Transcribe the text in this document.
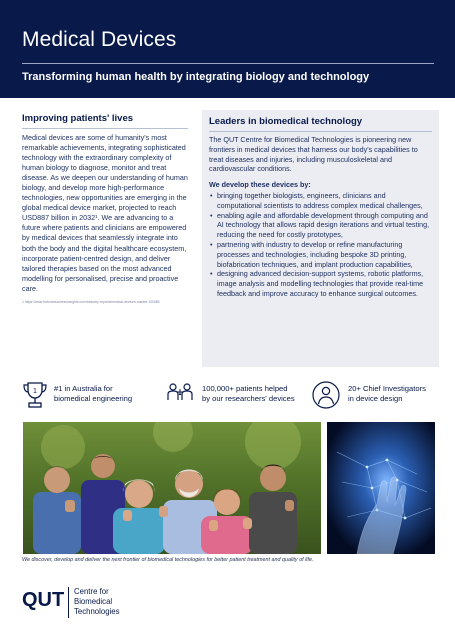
Medical Devices
Transforming human health by integrating biology and technology
Improving patients' lives

Medical devices are some of humanity's most remarkable achievements, integrating sophisticated technology with the extraordinary complexity of human biology to diagnose, monitor and treat disease. As we deepen our understanding of human biology, and develop more high-performance technologies, new opportunities are emerging in the global medical device market, projected to reach USD887 billion in 2032¹. We are advancing to a future where patients and clinicians are empowered by medical devices that seamlessly integrate into both the body and the digital healthcare ecosystem, incorporate patient-centred design, and deliver tailored therapies based on the most advanced modelling for personalised, precise and proactive care.

1 https://www.fortunebusinessinsights.com/industry-reports/medical-devices-market-100085
Leaders in biomedical technology

The QUT Centre for Biomedical Technologies is pioneering new frontiers in medical devices that harness our body's capabilities to treat diseases and injuries, including musculoskeletal and cardiovascular conditions.

We develop these devices by:

• bringing together biologists, engineers, clinicians and computational scientists to address complex medical challenges,
• enabling agile and affordable development through computing and AI technology that allows rapid design iterations and virtual testing, reducing the need for costly prototypes,
• partnering with industry to develop or refine manufacturing processes and technologies, including bespoke 3D printing, biofabrication techniques, and implant production capabilities,
• designing advanced decision-support systems, robotic platforms, image analysis and modelling technologies that provide real-time feedback and improve accuracy to enhance surgical outcomes.
1 #1 in Australia for
biomedical engineering
100,000+ patients helped
by our researchers' devices
20+ Chief Investigators
in device design
We discover, develop and deliver the next frontier of biomedical technologies for better patient treatment and quality of life.
QUT Centre for
Biomedical
Technologies
